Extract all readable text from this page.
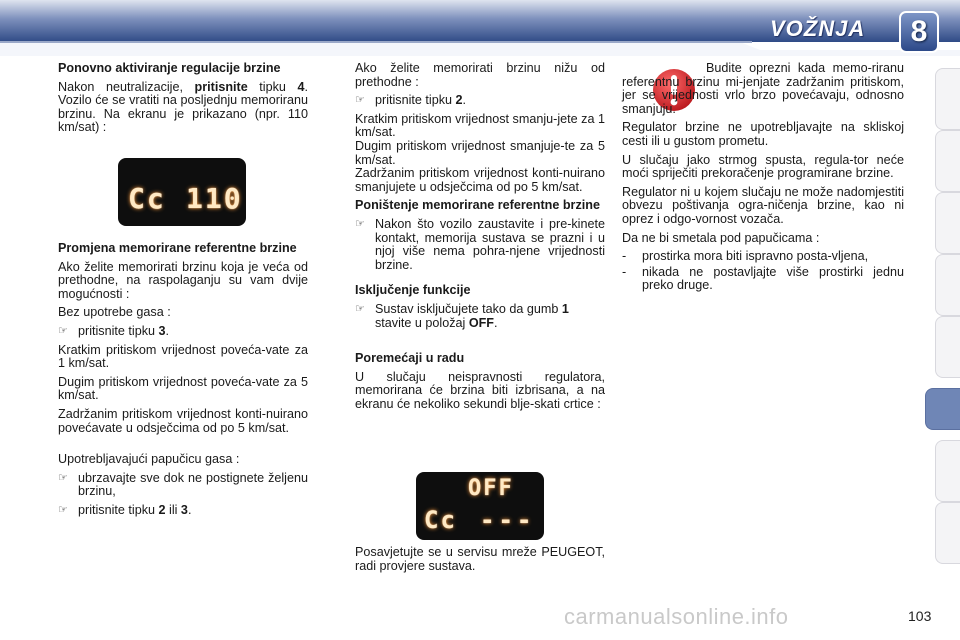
VOŽNJA 8
Ponovno aktiviranje regulacije brzine

Nakon neutralizacije, pritisnite tipku 4. Vozilo će se vratiti na posljednju memoriranu brzinu. Na ekranu je prikazano (npr. 110 km/sat) :

Cc 110
Promjena memorirane referentne brzine

Ako želite memorirati brzinu koja je veća od prethodne, na raspolaganju su vam dvije mogućnosti :

Bez upotrebe gasa :

☞ pritisnite tipku 3.

Kratkim pritiskom vrijednost poveća-vate za 1 km/sat.

Dugim pritiskom vrijednost poveća-vate za 5 km/sat.

Zadržanim pritiskom vrijednost konti-nuirano povećavate u odsječcima od po 5 km/sat.

Upotrebljavajući papučicu gasa :

☞ ubrzavajte sve dok ne postignete željenu brzinu,
☞ pritisnite tipku 2 ili 3.

Ako želite memorirati brzinu nižu od prethodne :

☞ pritisnite tipku 2.

Kratkim pritiskom vrijednost smanju-jete za 1 km/sat.

Dugim pritiskom vrijednost smanjuje-te za 5 km/sat.

Zadržanim pritiskom vrijednost konti-nuirano smanjujete u odsječcima od po 5 km/sat.

Poništenje memorirane referentne brzine
☞ Nakon što vozilo zaustavite i pre-kinete kontakt, memorija sustava se prazni i u njoj više nema pohra-njene vrijednosti brzine.
Isključenje funkcije
☞ Sustav isključujete tako da gumb 1 stavite u položaj OFF.
Poremećaji u radu

U slučaju neispravnosti regulatora, memorirana će brzina biti izbrisana, a na ekranu će nekoliko sekundi blje-skati crtice :

OFF
Cc ---

Posavjetujte se u servisu mreže PEUGEOT, radi provjere sustava.

Budite oprezni kada memo-riranu referentnu brzinu mi-jenjate zadržanim pritiskom, jer se vrijednosti vrlo brzo povećavaju, odnosno smanjuju.

Regulator brzine ne upotrebljavajte na skliskoj cesti ili u gustom prometu.

U slučaju jako strmog spusta, regula-tor neće moći spriječiti prekoračenje programirane brzine.

Regulator ni u kojem slučaju ne može nadomjestiti obvezu poštivanja ogra-ničenja brzine, kao ni oprez i odgo-vornost vozača.

Da ne bi smetala pod papučicama :

- prostirka mora biti ispravno posta-vljena,
- nikada ne postavljajte više prostirki jednu preko druge.
carmanualsonline.info	103
